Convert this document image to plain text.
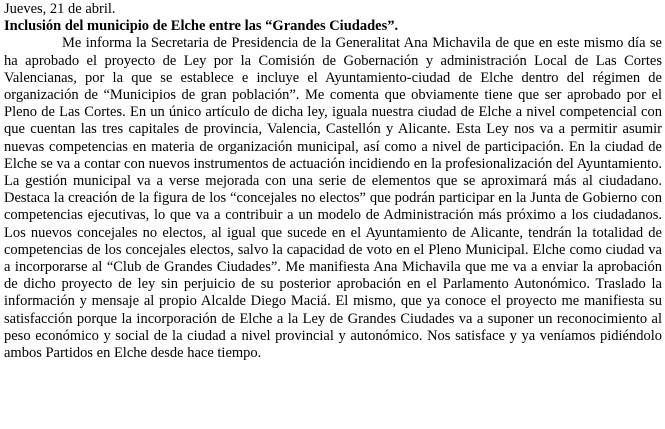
Jueves, 21 de abril.

Inclusión del municipio de Elche entre las “Grandes Ciudades”.

Me informa la Secretaria de Presidencia de la Generalitat Ana Michavila de que en este mismo día se ha aprobado el proyecto de Ley por la Comisión de Gobernación y administración Local de Las Cortes Valencianas, por la que se establece e incluye el Ayuntamiento-ciudad de Elche dentro del régimen de organización de “Municipios de gran población”. Me comenta que obviamente tiene que ser aprobado por el Pleno de Las Cortes. En un único artículo de dicha ley, iguala nuestra ciudad de Elche a nivel competencial con que cuentan las tres capitales de provincia, Valencia, Castellón y Alicante. Esta Ley nos va a permitir asumir nuevas competencias en materia de organización municipal, así como a nivel de participación. En la ciudad de Elche se va a contar con nuevos instrumentos de actuación incidiendo en la profesionalización del Ayuntamiento. La gestión municipal va a verse mejorada con una serie de elementos que se aproximará más al ciudadano. Destaca la creación de la figura de los “concejales no electos” que podrán participar en la Junta de Gobierno con competencias ejecutivas, lo que va a contribuir a un modelo de Administración más próximo a los ciudadanos. Los nuevos concejales no electos, al igual que sucede en el Ayuntamiento de Alicante, tendrán la totalidad de competencias de los concejales electos, salvo la capacidad de voto en el Pleno Municipal. Elche como ciudad va a incorporarse al “Club de Grandes Ciudades”. Me manifiesta Ana Michavila que me va a enviar la aprobación de dicho proyecto de ley sin perjuicio de su posterior aprobación en el Parlamento Autonómico. Traslado la información y mensaje al propio Alcalde Diego Maciá. El mismo, que ya conoce el proyecto me manifiesta su satisfacción porque la incorporación de Elche a la Ley de Grandes Ciudades va a suponer un reconocimiento al peso económico y social de la ciudad a nivel provincial y autonómico. Nos satisface y ya veníamos pidiéndolo ambos Partidos en Elche desde hace tiempo.
